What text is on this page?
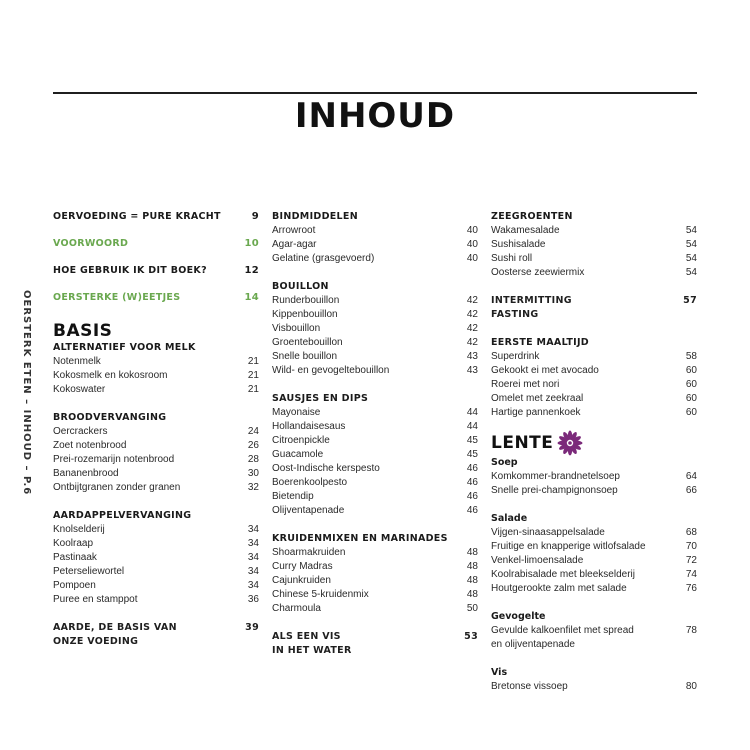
INHOUD
OERSTERK ETEN – INHOUD – P.6
OERVOEDING = PURE KRACHT	9
VOORWOORD	10
HOE GEBRUIK IK DIT BOEK?	12
OERSTERKE (W)EETJES	14
BASIS
ALTERNATIEF VOOR MELK
Notenmelk	21
Kokosmelk en kokosroom	21
Kokoswater	21
BROODVERVANGING
Oercrackers	24
Zoet notenbrood	26
Prei-rozemarijn notenbrood	28
Bananenbrood	30
Ontbijtgranen zonder granen	32
AARDAPPELVERVANGING
Knolselderij	34
Koolraap	34
Pastinaak	34
Peterseliewortel	34
Pompoen	34
Puree en stamppot	36
AARDE, DE BASIS VAN
ONZE VOEDING
39
BINDMIDDELEN
Arrowroot	40
Agar-agar	40
Gelatine (grasgevoerd)	40
BOUILLON
Runderbouillon	42
Kippenbouillon	42
Visbouillon	42
Groentebouillon	42
Snelle bouillon	43
Wild- en gevogeltebouillon	43
SAUSJES EN DIPS
Mayonaise	44
Hollandaisesaus	44
Citroenpickle	45
Guacamole	45
Oost-Indische kerspesto	46
Boerenkoolpesto	46
Bietendip	46
Olijventapenade	46
KRUIDENMIXEN EN MARINADES
Shoarmakruiden	48
Curry Madras	48
Cajunkruiden	48
Chinese 5-kruidenmix	48
Charmoula	50
ALS EEN VIS
IN HET WATER
53
ZEEGROENTEN
Wakamesalade	54
Sushisalade	54
Sushi roll	54
Oosterse zeewiermix	54
INTERMITTING
FASTING
57
EERSTE MAALTIJD
Superdrink	58
Gekookt ei met avocado	60
Roerei met nori	60
Omelet met zeekraal	60
Hartige pannenkoek	60
LENTE
Soep
Komkommer-brandnetelsoep	64
Snelle prei-champignonsoep	66
Salade
Vijgen-sinaasappelsalade	68
Fruitige en knapperige witlofsalade	70
Venkel-limoensalade	72
Koolrabisalade met bleekselderij	74
Houtgerookte zalm met salade	76
Gevogelte
Gevulde kalkoenfilet met spread
en olijventapenade
78
Vis
Bretonse vissoep	80
